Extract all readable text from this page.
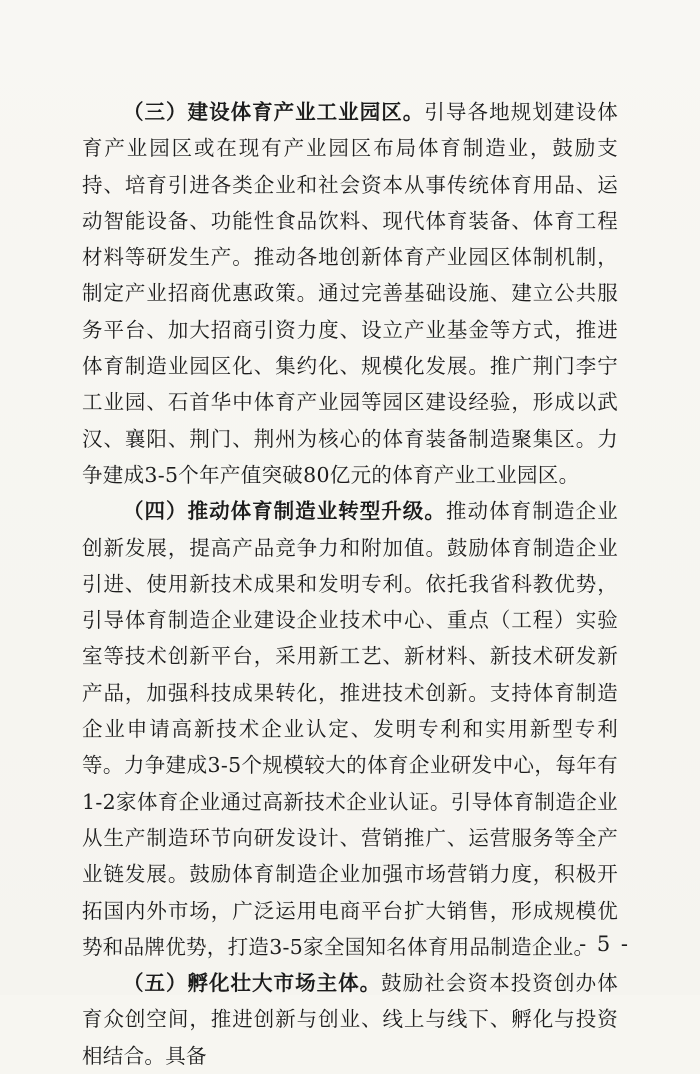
（三）建设体育产业工业园区。引导各地规划建设体育产业园区或在现有产业园区布局体育制造业，鼓励支持、培育引进各类企业和社会资本从事传统体育用品、运动智能设备、功能性食品饮料、现代体育装备、体育工程材料等研发生产。推动各地创新体育产业园区体制机制，制定产业招商优惠政策。通过完善基础设施、建立公共服务平台、加大招商引资力度、设立产业基金等方式，推进体育制造业园区化、集约化、规模化发展。推广荆门李宁工业园、石首华中体育产业园等园区建设经验，形成以武汉、襄阳、荆门、荆州为核心的体育装备制造聚集区。力争建成3-5个年产值突破80亿元的体育产业工业园区。

（四）推动体育制造业转型升级。推动体育制造企业创新发展，提高产品竞争力和附加值。鼓励体育制造企业引进、使用新技术成果和发明专利。依托我省科教优势，引导体育制造企业建设企业技术中心、重点（工程）实验室等技术创新平台，采用新工艺、新材料、新技术研发新产品，加强科技成果转化，推进技术创新。支持体育制造企业申请高新技术企业认定、发明专利和实用新型专利等。力争建成3-5个规模较大的体育企业研发中心，每年有1-2家体育企业通过高新技术企业认证。引导体育制造企业从生产制造环节向研发设计、营销推广、运营服务等全产业链发展。鼓励体育制造企业加强市场营销力度，积极开拓国内外市场，广泛运用电商平台扩大销售，形成规模优势和品牌优势，打造3-5家全国知名体育用品制造企业。

（五）孵化壮大市场主体。鼓励社会资本投资创办体育众创空间，推进创新与创业、线上与线下、孵化与投资相结合。具备

- 5 -
